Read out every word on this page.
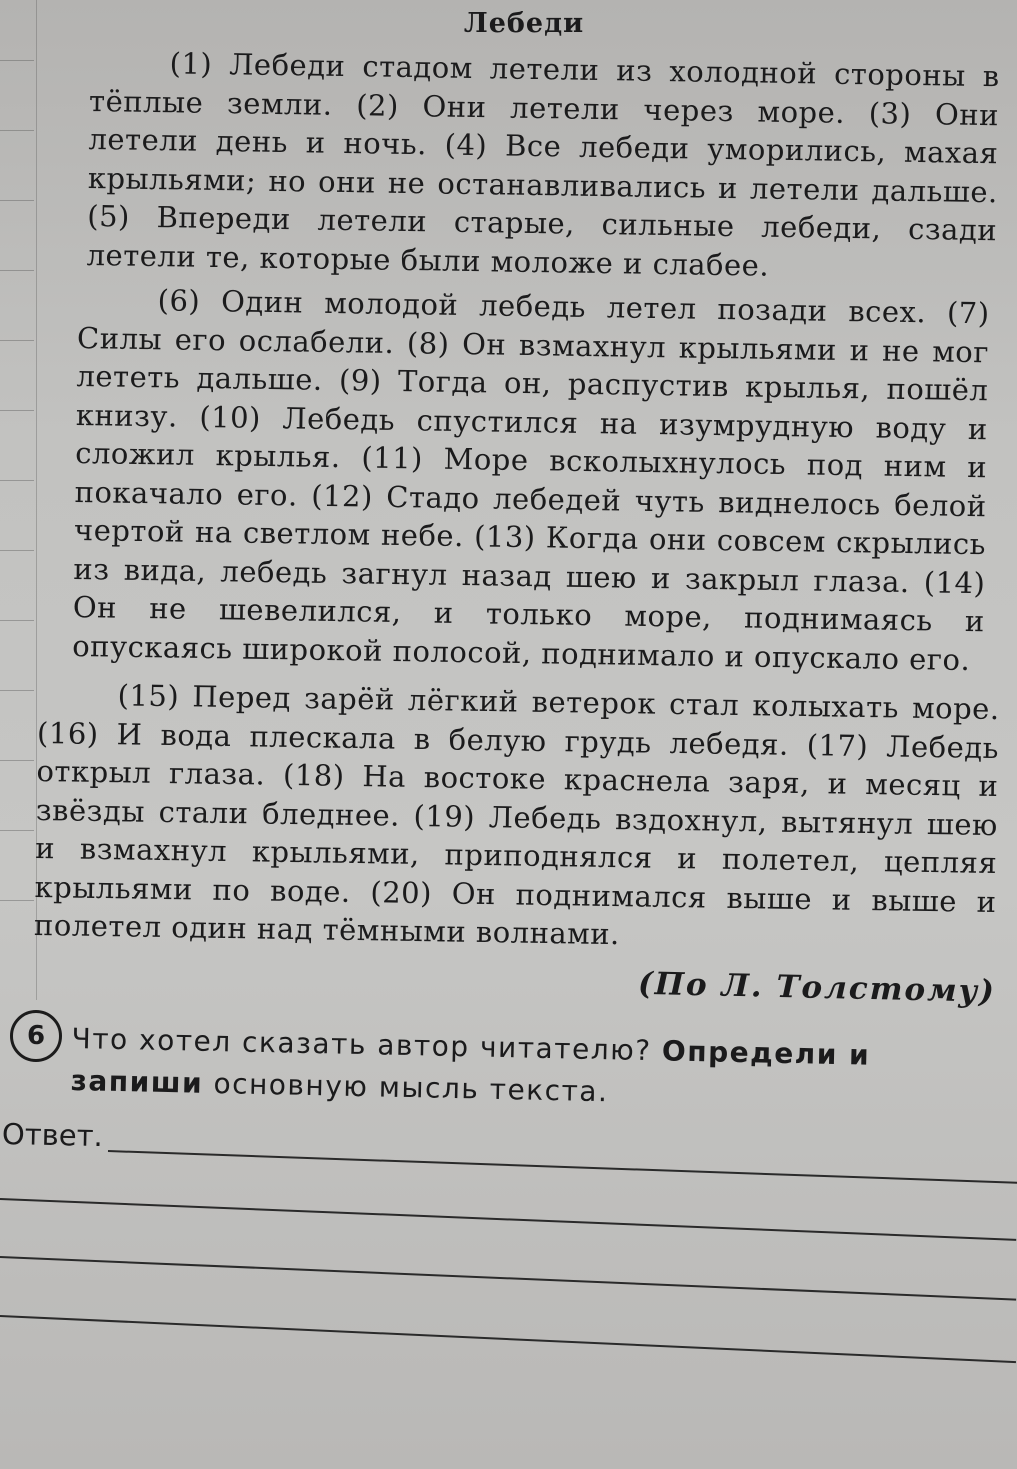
Лебеди

(1) Лебеди стадом летели из холодной стороны в тёплые земли. (2) Они летели через море. (3) Они летели день и ночь. (4) Все лебеди уморились, махая крыльями; но они не останавливались и летели дальше. (5) Впереди летели старые, сильные лебеди, сзади летели те, которые были моложе и слабее.

(6) Один молодой лебедь летел позади всех. (7) Силы его ослабели. (8) Он взмахнул крыльями и не мог лететь дальше. (9) Тогда он, распустив крылья, пошёл книзу. (10) Лебедь спустился на изумрудную воду и сложил крылья. (11) Море всколыхнулось под ним и покачало его. (12) Стадо лебедей чуть виднелось белой чертой на светлом небе. (13) Когда они совсем скрылись из вида, лебедь загнул назад шею и закрыл глаза. (14) Он не шевелился, и только море, поднимаясь и опускаясь широкой полосой, поднимало и опускало его.

(15) Перед зарёй лёгкий ветерок стал колыхать море. (16) И вода плескала в белую грудь лебедя. (17) Лебедь открыл глаза. (18) На востоке краснела заря, и месяц и звёзды стали бледнее. (19) Лебедь вздохнул, вытянул шею и взмахнул крыльями, приподнялся и полетел, цепляя крыльями по воде. (20) Он поднимался выше и выше и полетел один над тёмными волнами.

(По Л. Толстому)
6 Что хотел сказать автор читателю? Определи и запиши основную мысль текста.
Ответ.
